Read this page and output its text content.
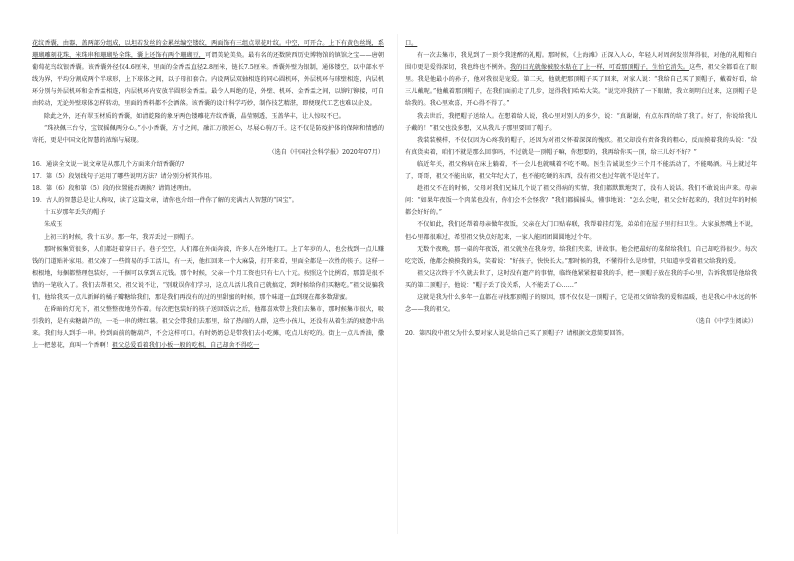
花纹香囊，由器、盖两部分组成，以坦若发丝的金累丝编空镂纹，两面饰有三组点翠花叶纹。中空，可开合。上下有黄色丝绳，系珊瑚雕刻花珠、米珠串和珊瑚坠全珠，囊上还饰有两个珊瑚豆，可谓美轮美奂。最有名的还数陕西历史博物馆的镇馆之宝——唐朝葡萄花鸟纹银香囊。该香囊外径仅4.6厘米，里面的金香盂直径2.8厘米，链长7.5厘米。香囊外壁为银制，通体镂空，以中部水平线为界，平均分割成两个半球形，上下球体之间，以子母扣套合。内设两层双轴相连的同心圆机环，外层机环与球壁相连，内层机环分别与外层机环和金香盂相连，内层机环内安放半圆形金香盂。最令人叫绝的是，外壁、机环、金香盂之间，以铆钉铆接，可自由转动，无论外壁球体怎样转动，里面的香料都不会洒落。该香囊的设计科学巧妙，制作技艺精湛，即便现代工艺也难以企及。

除此之外，还有翠玉材质的香囊，如清乾隆的象牙两色镂雕花卉纹香囊，晶莹剔透，玉盖华丰，让人惊叹不已。

“珠袂佩三台兮，宝钗摇佩两分心。”小小香囊，方寸之间，融汇万般匠心，尽展心驹万千。这不仅是防疫护体的保障和情感的寄托，更是中国文化智慧的浓缩与展现。

（选自《中国社会科学报》2020年07月）

16．通读全文说一说文章是从那几个方面来介绍香囊的?

17．第（5）段划线句子运用了哪些说明方法？请分别分析其作用。

18．第（6）段和第（5）段的位置能否调换？请简述理由。

19．古人的智慧总是让人称叹，读了这篇文章，请你也介绍一件你了解的充满古人智慧的“国宝”。

十五岁那年丢失的帽子

朱成玉

上初三的时候，我十五岁。那一年，我弄丢过一顶帽子。

那时候集贸很多，人们都赶着穿日子。巷子空空，人们都在外面奔波，许多人在外地打工。上了年岁的人，也会找到一点儿赚钱的门道贴补家用。祖父凑了一些简易的手工活儿，有一天，他扛回来一个大麻袋，打开来看，里面全都是一次性的筷子。这样一根根地，每捆都整理包装好，一千捆可以拿到五元钱。那个时候，父亲一个月工资也只有七八十元。按照这个比例看，那算是很不错的一笔收入了。我们去帮祖父，祖父说不让，“别耽误你们学习，这点儿活儿我自己就搞定，到时候给你们买糖吃。”祖父说骗我们，他给我买一点儿新鲜的橘子瓣糖给我们，那是我们再没有的过的里甜蜜的时候，那个味道一直到现在都多数甜蜜。

在昏暗的灯光下，祖父整整夜地劳作着。每次把包装好的筷子送回饭店之后，他都喜欢带上我们去集市，那时候集市很火，吸引我的，是有卖糖葫芦的，一毛一串的烤红薯。祖父会带我们去那里，给了热闹的人群，这些小孩儿，还没有从着生活的疲惫中出来。我们每人到手一串。拎到面前的糖葫芦，不会这样可口。有时奶奶总是带我们去小吃摊，吃点儿好吃的。街上一点儿香油，撒上一把葱花，真叫一个香啊！祖父总爱看着我们小板一般的吃相，自己却舍不得吃一

口。

有一次去集市，我见到了一顶令我迷醉的礼帽。那时候，《上海滩》正深入人心，年轻人对周润发崇拜得很，对他的礼帽和白围巾更是爱得深切，我也终也不例外。我的目光就像被胶水粘在了上一样，可看那顶帽子，生怕它消失。这些，祖父全都看在了眼里。我是他最小的孙子，他对我很是宠爱。第二天，他就把那顶帽子买了回来，对家人说：“我给自己买了顶帽子，戴着好看，给三儿戴呢。”他戴着那顶帽子，在我们面前走了几步，逗得我们哈哈大笑。“说完冲我挤了一下眼睛，我立刻明白过来，这顶帽子是给我的。我心里欢喜，开心得不得了。”

我去世后，我把帽子送给人。在想着给人说，我心里对别人的多少，说：“真谢谢，有点东西的给了我了。好了，你说给我儿子戴的！”祖父也没多想，又从我儿子那里要回了帽子。

我装装模样，不仅仅因为心疼我的帽子，还因为对祖父怀着深深的愧疚。祖父却没有责备我的粗心，反而摸着我的头说：“没有真货卖着，咱们不就是那么回事吗，不过就是一顶帽子嘛，你想要的，我再给你买一顶，给三儿好不好？”

临近年关，祖父称病在床上躺着，不一会儿也就喊着不吃不喝。医生告诚说至少三个月不能活动了，不能喝酒。马上就过年了，哥哥，祖父不能出席，祖父年纪大了，也不能吃硬的东西，没有祖父也过年就不是过年了。

趁祖父不在的时候，父母对我们兄妹几个说了祖父得病的实情，我们都默默地哭了，没有人说话。我们不敢说出声来。母亲问：“如果年夜饭一个肉菜也没有，你们会不会怪我？”我们都摇摇头，懂事地说：“怎么会呢，祖父会好起来的，我们过年的时候都会好好的。”

不仅如此，我们还帮着母亲做年夜饭，父亲在大门口贴春联，我帮着挂灯笼，弟弟们在屋子里打扫卫生。大家虽然嘴上不说，但心里都很难过，希望祖父快点好起来，一家人能团团圆圆地过个年。

无数个夜晚，那一桌的年夜饭，祖父就坐在我身旁，给我们夹菜，讲故事。他会把最好的菜留给我们，自己却吃得很少。每次吃完饭，他都会摸摸我的头，笑着说：“好孩子，快快长大。”那时候的我，不懂得什么是珍惜，只知道享受着祖父给我的爱。

祖父这次终于不久就去世了，这时没有遗产的事情，临终他紧紧握着我的手，把一顶帽子放在我的手心里，告诉我那是他给我买的第二顶帽子，他说：“帽子丢了没关系，人不能丢了心……”

这就是我为什么多年一直都在寻找那顶帽子的原因，那不仅仅是一顶帽子，它是祖父留给我的爱和温暖，也是我心中永远的怀念——我的祖父。

（选自《中学生阅读》）

20．第四段中祖父为什么要对家人说是给自己买了顶帽子？请根据文意简要回答。
